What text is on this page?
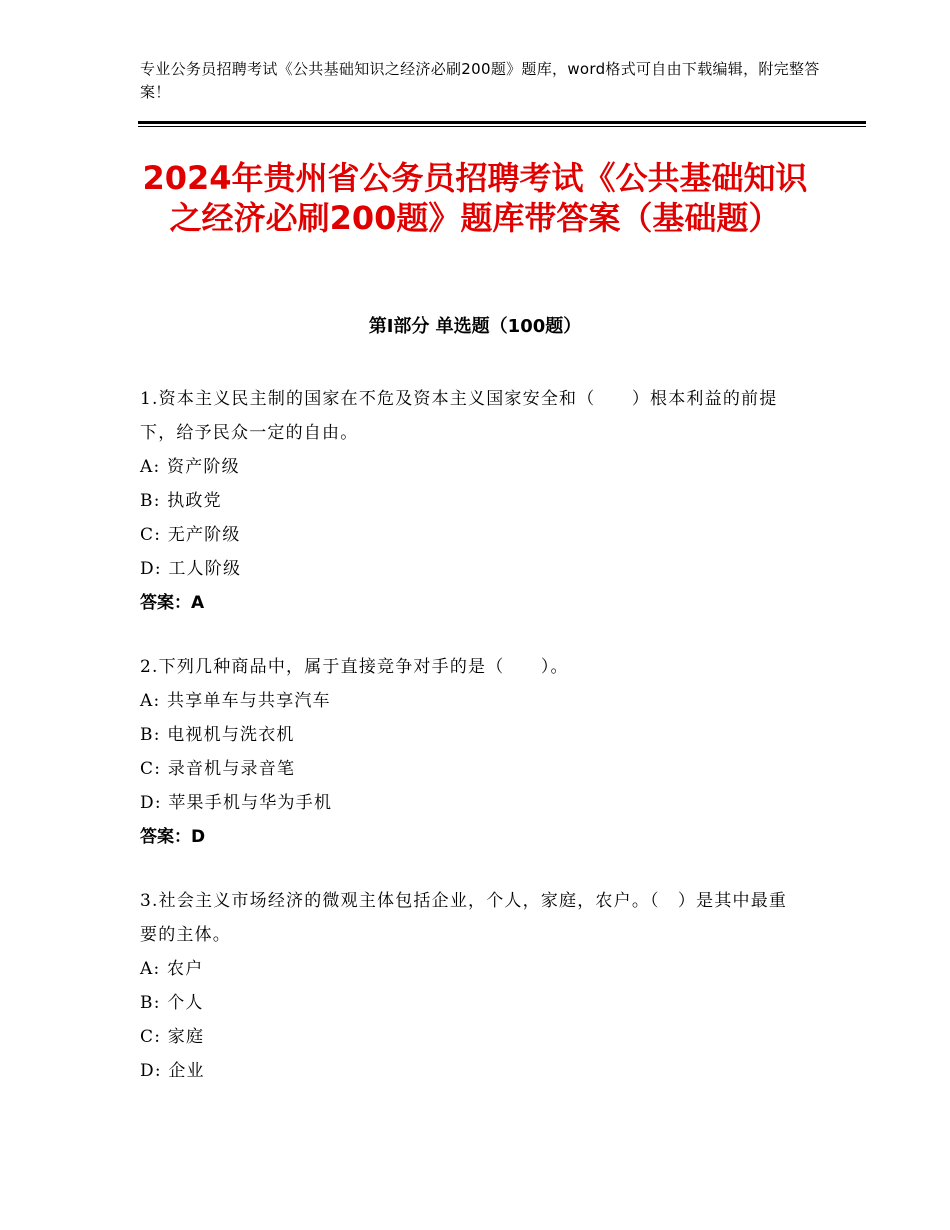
专业公务员招聘考试《公共基础知识之经济必刷200题》题库，word格式可自由下载编辑，附完整答案！
2024年贵州省公务员招聘考试《公共基础知识之经济必刷200题》题库带答案（基础题）
第Ⅰ部分 单选题（100题）

1.资本主义民主制的国家在不危及资本主义国家安全和（　　）根本利益的前提下，给予民众一定的自由。

A: 资产阶级

B: 执政党

C: 无产阶级

D: 工人阶级

答案：A

2.下列几种商品中，属于直接竞争对手的是（　　）。

A: 共享单车与共享汽车

B: 电视机与洗衣机

C: 录音机与录音笔

D: 苹果手机与华为手机

答案：D

3.社会主义市场经济的微观主体包括企业，个人，家庭，农户。（　）是其中最重要的主体。

A: 农户

B: 个人

C: 家庭

D: 企业
